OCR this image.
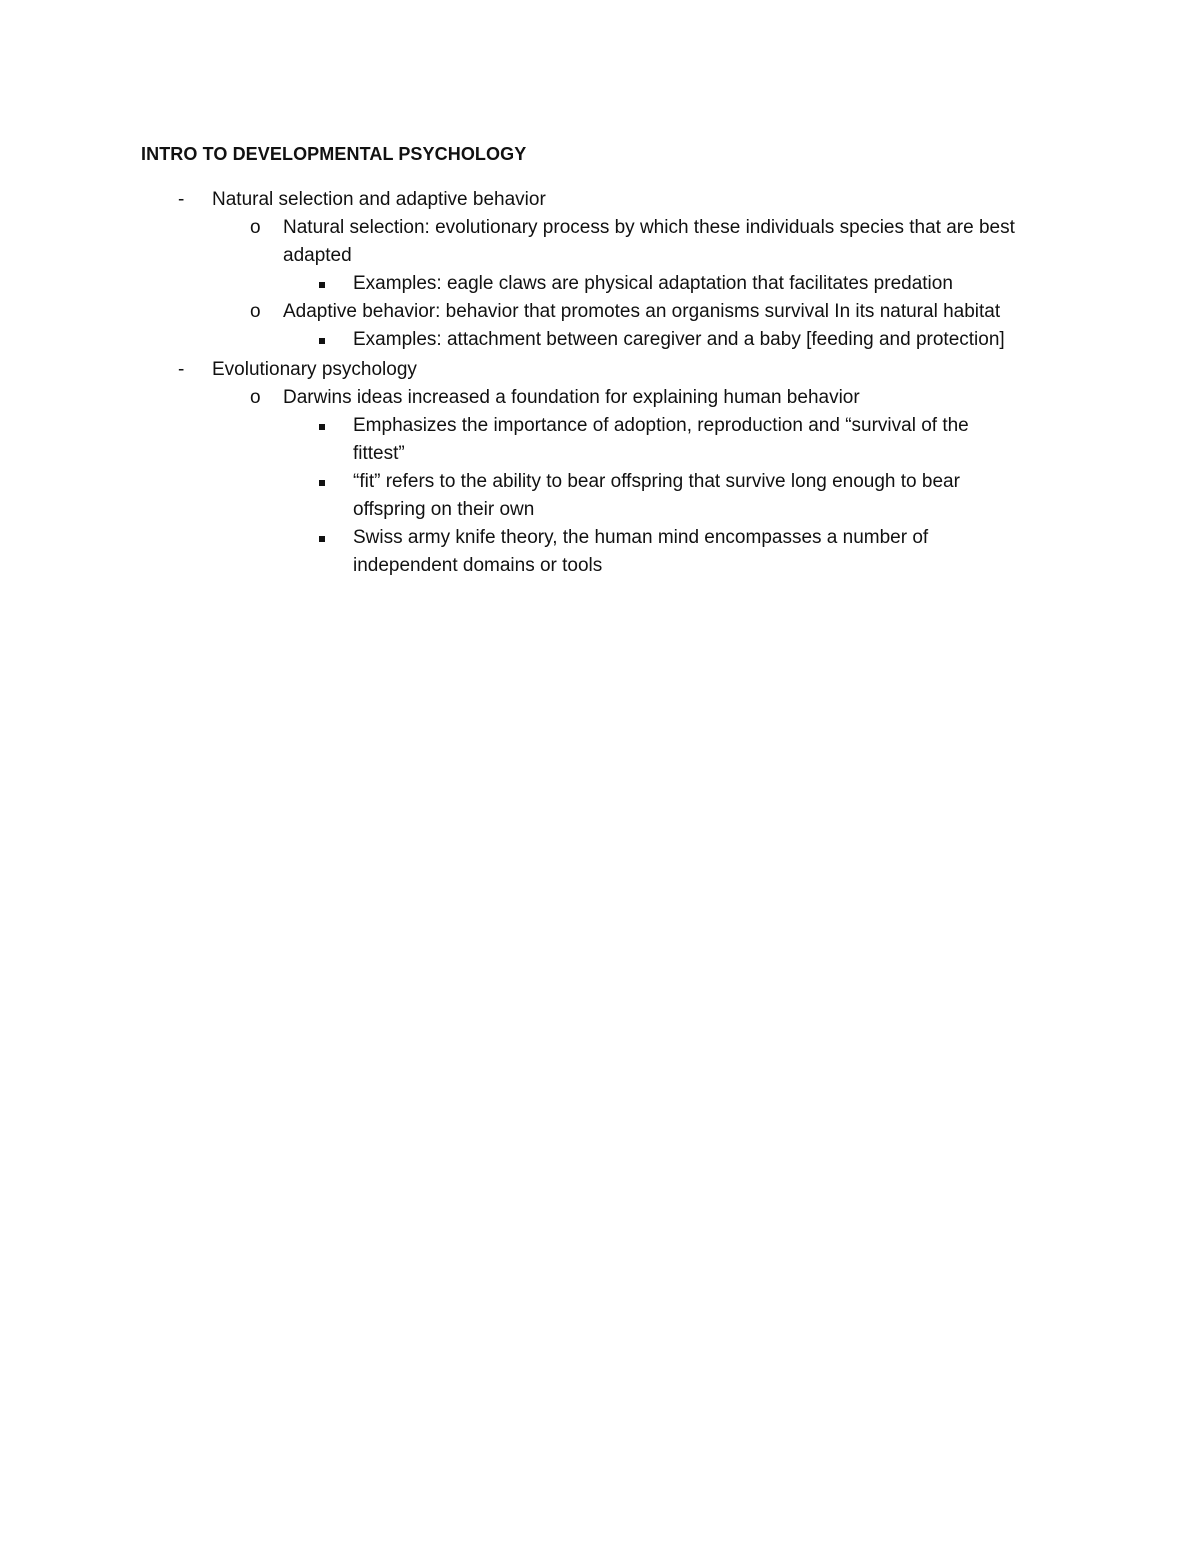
INTRO TO DEVELOPMENTAL PSYCHOLOGY
- Natural selection and adaptive behavior
o Natural selection: evolutionary process by which these individuals species that are best
adapted
Examples: eagle claws are physical adaptation that facilitates predation
o Adaptive behavior: behavior that promotes an organisms survival In its natural habitat
Examples: attachment between caregiver and a baby [feeding and protection]
- Evolutionary psychology
o Darwins ideas increased a foundation for explaining human behavior
Emphasizes the importance of adoption, reproduction and “survival of the
fittest”
“fit” refers to the ability to bear offspring that survive long enough to bear
offspring on their own
Swiss army knife theory, the human mind encompasses a number of
independent domains or tools
